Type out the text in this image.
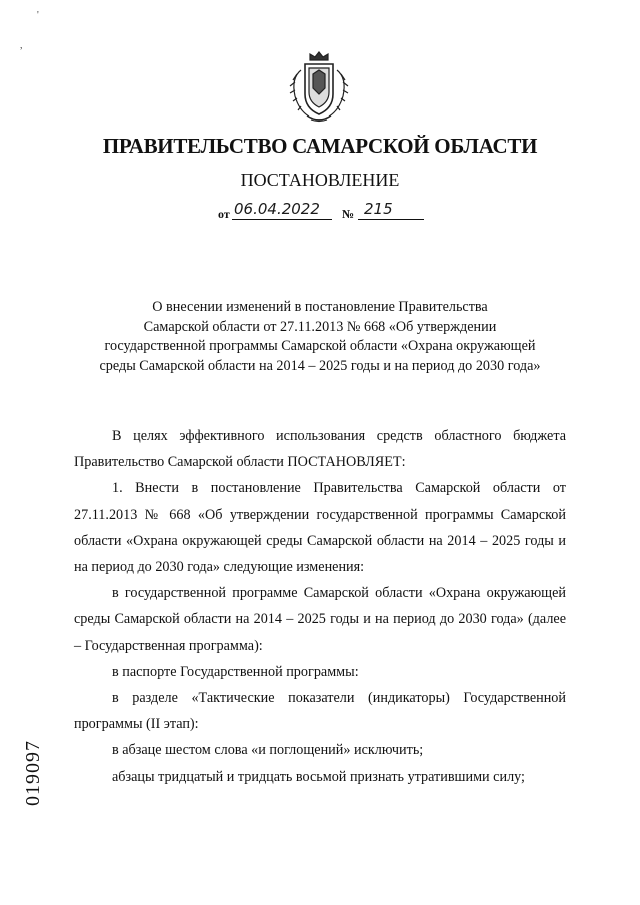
ПРАВИТЕЛЬСТВО САМАРСКОЙ ОБЛАСТИ
ПОСТАНОВЛЕНИЕ
от 06.04.2022 № 215
О внесении изменений в постановление Правительства
Самарской области от 27.11.2013 № 668 «Об утверждении
государственной программы Самарской области «Охрана окружающей
среды Самарской области на 2014 – 2025 годы и на период до 2030 года»

В целях эффективного использования средств областного бюджета Правительство Самарской области ПОСТАНОВЛЯЕТ:

1. Внести в постановление Правительства Самарской области от 27.11.2013 № 668 «Об утверждении государственной программы Самарской области «Охрана окружающей среды Самарской области на 2014 – 2025 годы и на период до 2030 года» следующие изменения:

в государственной программе Самарской области «Охрана окружающей среды Самарской области на 2014 – 2025 годы и на период до 2030 года» (далее – Государственная программа):

в паспорте Государственной программы:

в разделе «Тактические показатели (индикаторы) Государственной программы (II этап):

в абзаце шестом слова «и поглощений» исключить;

абзацы тридцатый и тридцать восьмой признать утратившими силу;

019097
'
,
